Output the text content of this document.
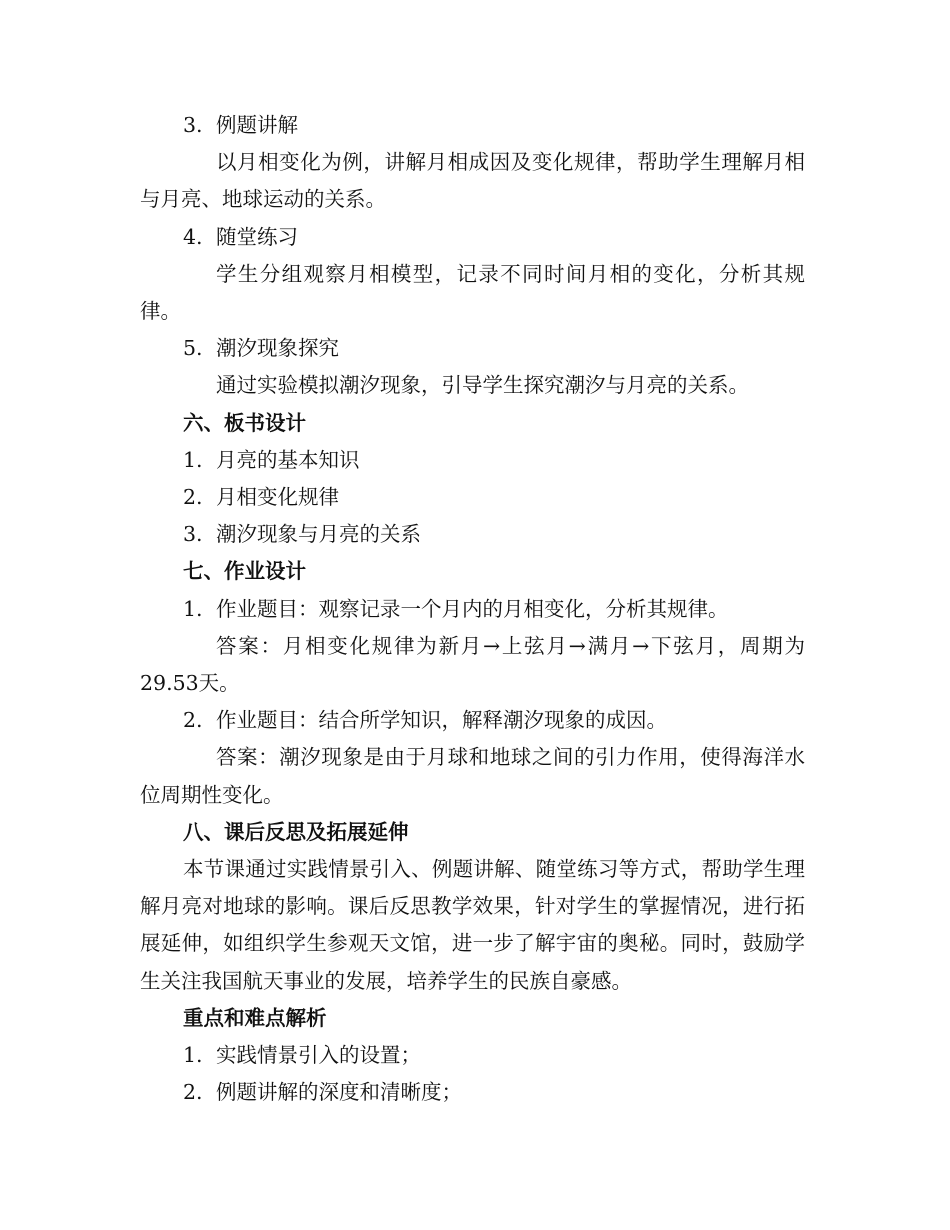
3. 例题讲解
以月相变化为例，讲解月相成因及变化规律，帮助学生理解月相与月亮、地球运动的关系。
4. 随堂练习
学生分组观察月相模型，记录不同时间月相的变化，分析其规律。
5. 潮汐现象探究
通过实验模拟潮汐现象，引导学生探究潮汐与月亮的关系。
六、板书设计
1. 月亮的基本知识
2. 月相变化规律
3. 潮汐现象与月亮的关系
七、作业设计
1. 作业题目：观察记录一个月内的月相变化，分析其规律。
答案：月相变化规律为新月→上弦月→满月→下弦月，周期为29.53天。
2. 作业题目：结合所学知识，解释潮汐现象的成因。
答案：潮汐现象是由于月球和地球之间的引力作用，使得海洋水位周期性变化。
八、课后反思及拓展延伸
本节课通过实践情景引入、例题讲解、随堂练习等方式，帮助学生理解月亮对地球的影响。课后反思教学效果，针对学生的掌握情况，进行拓展延伸，如组织学生参观天文馆，进一步了解宇宙的奥秘。同时，鼓励学生关注我国航天事业的发展，培养学生的民族自豪感。
重点和难点解析
1. 实践情景引入的设置；
2. 例题讲解的深度和清晰度；
